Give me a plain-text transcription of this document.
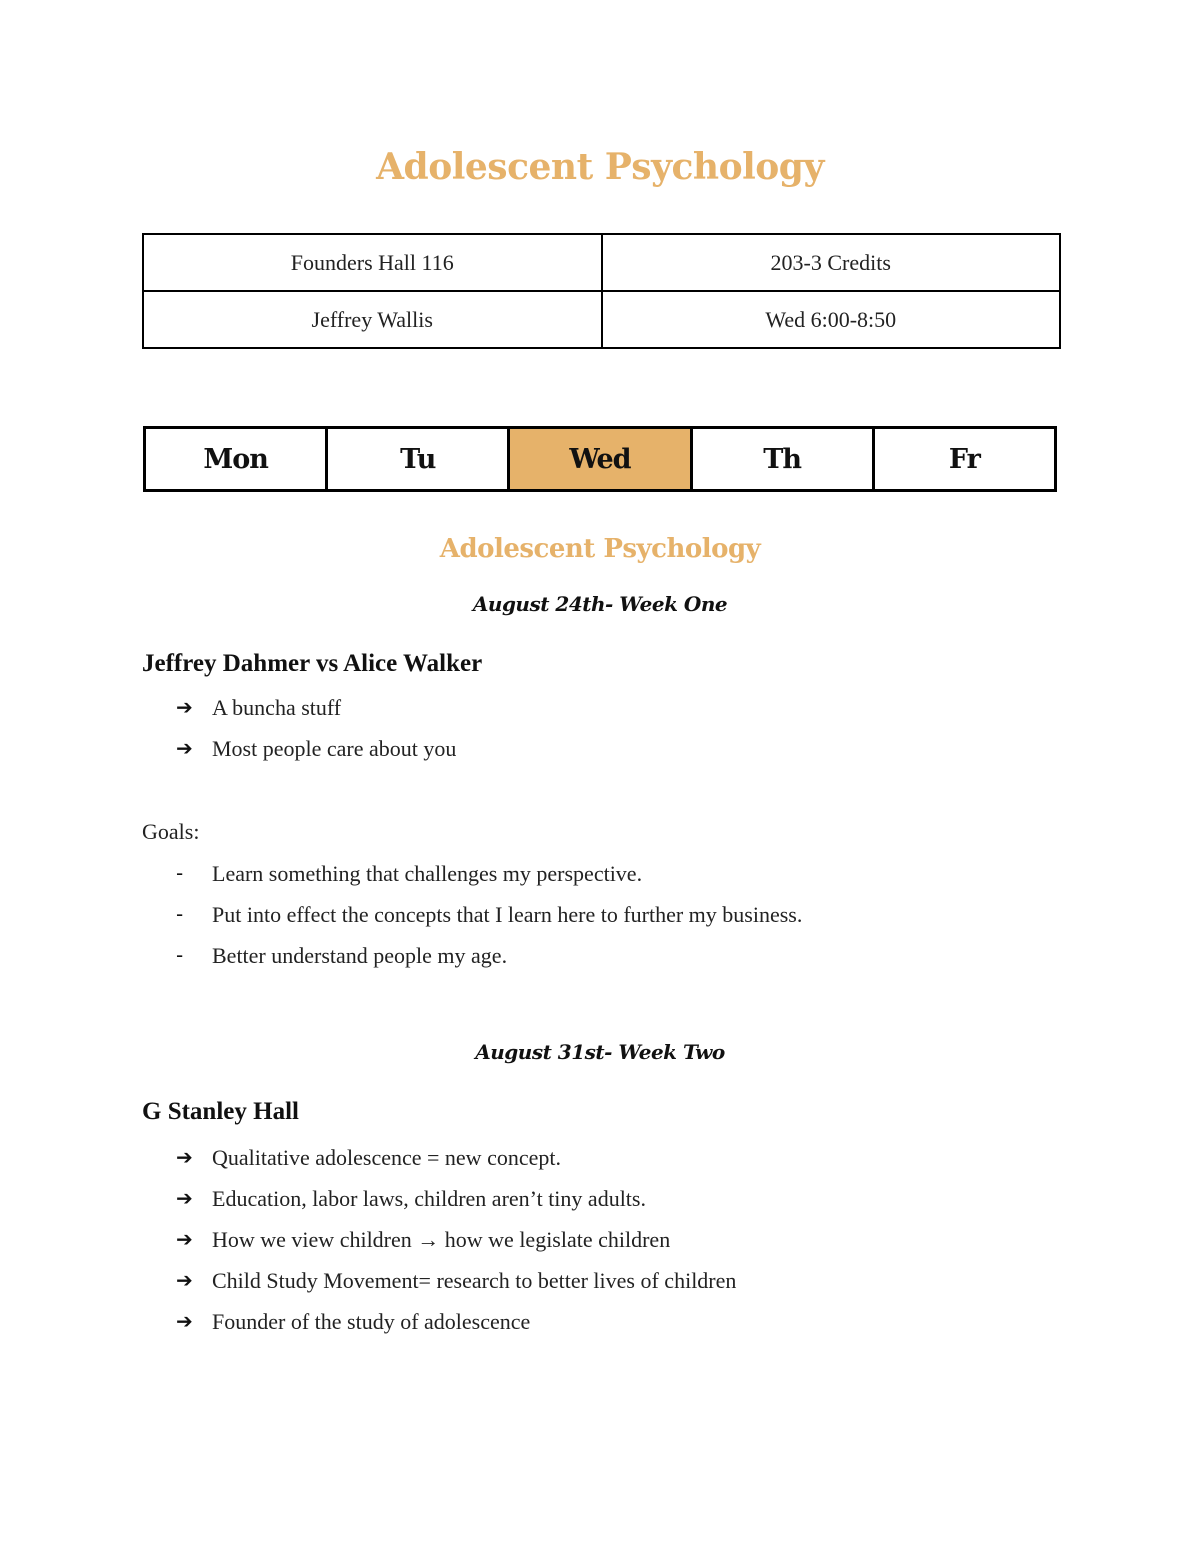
Adolescent Psychology
Founders Hall 116	203-3 Credits
Jeffrey Wallis	Wed 6:00-8:50
Mon	Tu	Wed	Th	Fr
Adolescent Psychology

August 24th- Week One

Jeffrey Dahmer vs Alice Walker
➔ A buncha stuff
➔ Most people care about you

Goals:

-	Learn something that challenges my perspective.
-	Put into effect the concepts that I learn here to further my business.
-	Better understand people my age.

August 31st- Week Two

G Stanley Hall
➔ Qualitative adolescence = new concept.
➔ Education, labor laws, children aren’t tiny adults.
➔ How we view children → how we legislate children
➔ Child Study Movement= research to better lives of children
➔ Founder of the study of adolescence
